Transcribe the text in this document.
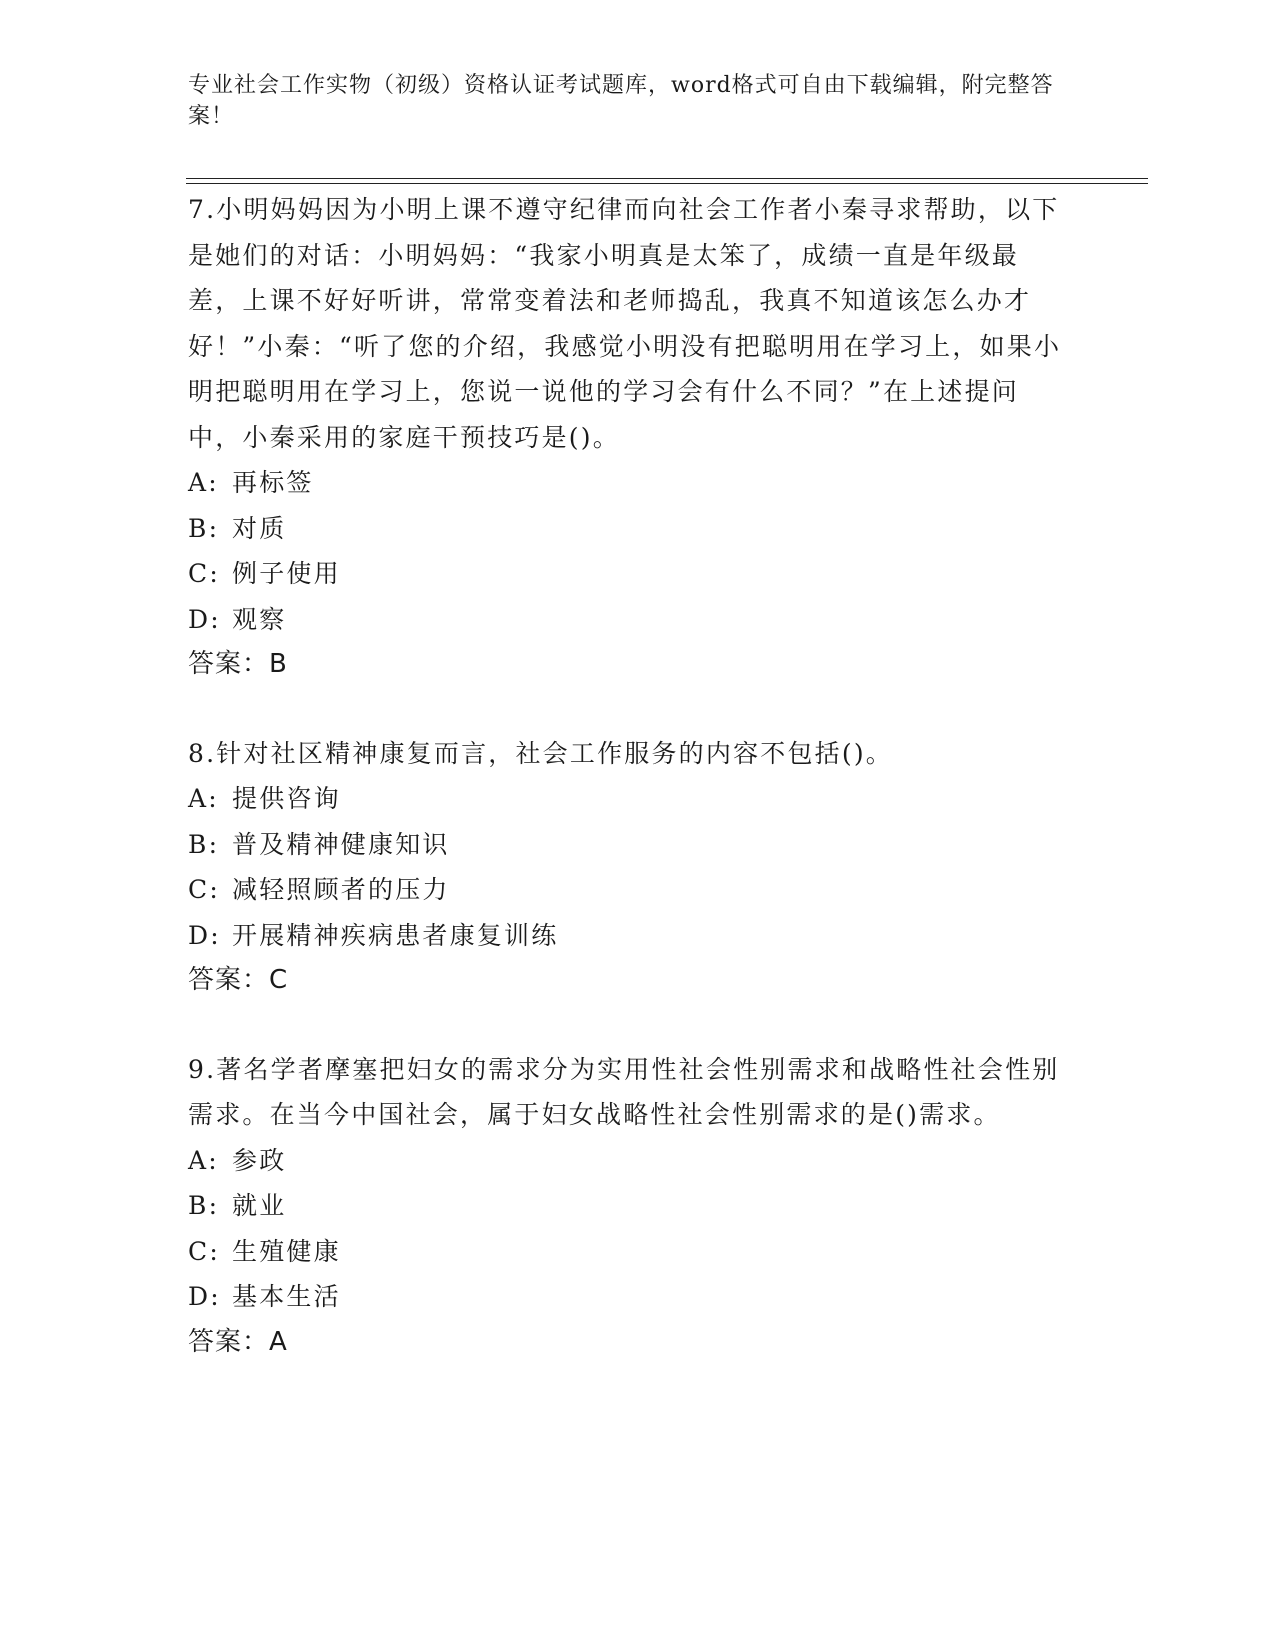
专业社会工作实物（初级）资格认证考试题库，word格式可自由下载编辑，附完整答案！

7.小明妈妈因为小明上课不遵守纪律而向社会工作者小秦寻求帮助，以下是她们的对话：小明妈妈：“我家小明真是太笨了，成绩一直是年级最差，上课不好好听讲，常常变着法和老师捣乱，我真不知道该怎么办才好！”小秦：“听了您的介绍，我感觉小明没有把聪明用在学习上，如果小明把聪明用在学习上，您说一说他的学习会有什么不同？”在上述提问中，小秦采用的家庭干预技巧是()。

A: 再标签

B: 对质

C: 例子使用

D: 观察

答案：B

8.针对社区精神康复而言，社会工作服务的内容不包括()。

A: 提供咨询

B: 普及精神健康知识

C: 减轻照顾者的压力

D: 开展精神疾病患者康复训练

答案：C

9.著名学者摩塞把妇女的需求分为实用性社会性别需求和战略性社会性别需求。在当今中国社会，属于妇女战略性社会性别需求的是()需求。

A: 参政

B: 就业

C: 生殖健康

D: 基本生活

答案：A
